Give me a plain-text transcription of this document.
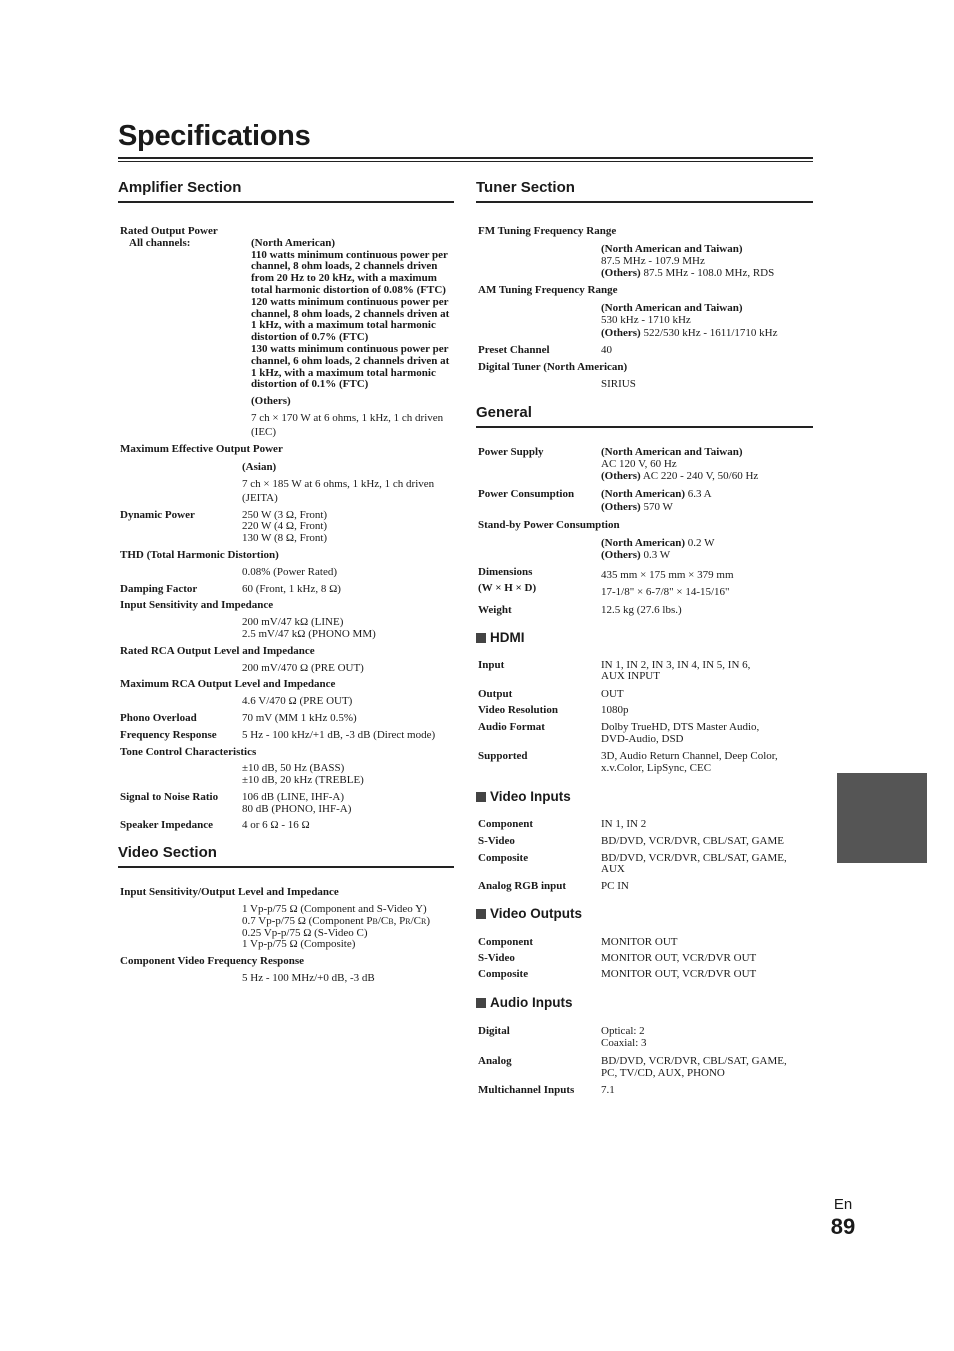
Specifications
Amplifier Section
Rated Output Power
All channels:	(North American)
110 watts minimum continuous power per channel, 8 ohm loads, 2 channels driven from 20 Hz to 20 kHz, with a maximum total harmonic distortion of 0.08% (FTC)
120 watts minimum continuous power per channel, 8 ohm loads, 2 channels driven at 1 kHz, with a maximum total harmonic distortion of 0.7% (FTC)
130 watts minimum continuous power per channel, 6 ohm loads, 2 channels driven at 1 kHz, with a maximum total harmonic distortion of 0.1% (FTC)
(Others)
7 ch × 170 W at 6 ohms, 1 kHz, 1 ch driven (IEC)
Maximum Effective Output Power
(Asian)
7 ch × 185 W at 6 ohms, 1 kHz, 1 ch driven (JEITA)
Dynamic Power	250 W (3 Ω, Front)
220 W (4 Ω, Front)
130 W (8 Ω, Front)
THD (Total Harmonic Distortion)
0.08% (Power Rated)
Damping Factor	60 (Front, 1 kHz, 8 Ω)
Input Sensitivity and Impedance
200 mV/47 kΩ (LINE)
2.5 mV/47 kΩ (PHONO MM)
Rated RCA Output Level and Impedance
200 mV/470 Ω (PRE OUT)
Maximum RCA Output Level and Impedance
4.6 V/470 Ω (PRE OUT)
Phono Overload	70 mV (MM 1 kHz 0.5%)
Frequency Response	5 Hz - 100 kHz/+1 dB, -3 dB (Direct mode)
Tone Control Characteristics
±10 dB, 50 Hz (BASS)
±10 dB, 20 kHz (TREBLE)
Signal to Noise Ratio	106 dB (LINE, IHF-A)
80 dB (PHONO, IHF-A)
Speaker Impedance	4 or 6 Ω - 16 Ω
Video Section
Input Sensitivity/Output Level and Impedance
1 Vp-p/75 Ω (Component and S-Video Y)
0.7 Vp-p/75 Ω (Component PB/CB, PR/CR)
0.25 Vp-p/75 Ω (S-Video C)
1 Vp-p/75 Ω (Composite)
Component Video Frequency Response
5 Hz - 100 MHz/+0 dB, -3 dB
Tuner Section
FM Tuning Frequency Range
(North American and Taiwan)
87.5 MHz - 107.9 MHz
(Others) 87.5 MHz - 108.0 MHz, RDS
AM Tuning Frequency Range
(North American and Taiwan)
530 kHz - 1710 kHz
(Others) 522/530 kHz - 1611/1710 kHz
Preset Channel	40
Digital Tuner (North American)
SIRIUS
General
Power Supply	(North American and Taiwan)
AC 120 V, 60 Hz
(Others) AC 220 - 240 V, 50/60 Hz
Power Consumption	(North American) 6.3 A
(Others) 570 W
Stand-by Power Consumption
(North American) 0.2 W
(Others) 0.3 W
Dimensions
(W × H × D)
435 mm × 175 mm × 379 mm
17-1/8" × 6-7/8" × 14-15/16"
Weight	12.5 kg (27.6 lbs.)
HDMI
Input	IN 1, IN 2, IN 3, IN 4, IN 5, IN 6,
AUX INPUT
Output	OUT
Video Resolution	1080p
Audio Format	Dolby TrueHD, DTS Master Audio,
DVD-Audio, DSD
Supported	3D, Audio Return Channel, Deep Color,
x.v.Color, LipSync, CEC
Video Inputs
Component	IN 1, IN 2
S-Video	BD/DVD, VCR/DVR, CBL/SAT, GAME
Composite	BD/DVD, VCR/DVR, CBL/SAT, GAME,
AUX
Analog RGB input	PC IN
Video Outputs
Component	MONITOR OUT
S-Video	MONITOR OUT, VCR/DVR OUT
Composite	MONITOR OUT, VCR/DVR OUT
Audio Inputs
Digital	Optical: 2
Coaxial: 3
Analog	BD/DVD, VCR/DVR, CBL/SAT, GAME,
PC, TV/CD, AUX, PHONO
Multichannel Inputs	7.1
En
89
